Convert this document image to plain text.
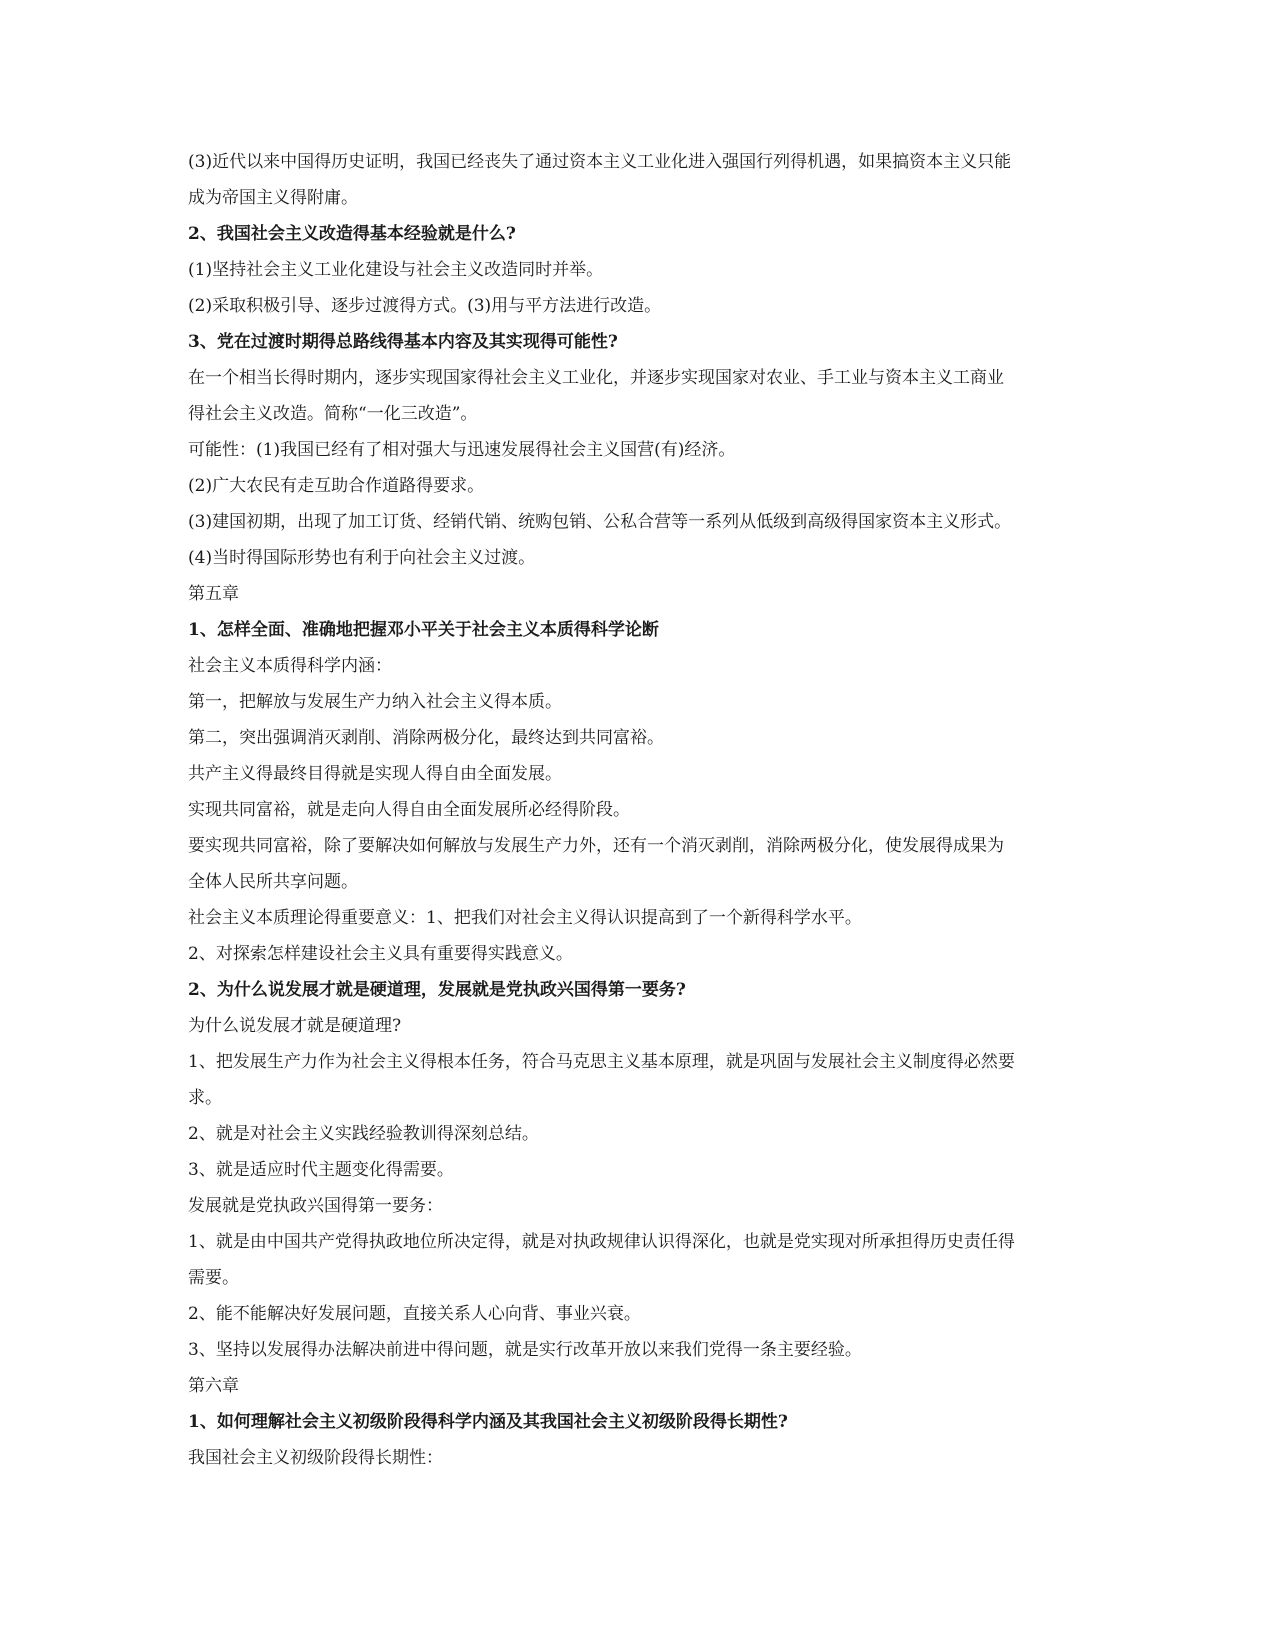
(3)近代以来中国得历史证明，我国已经丧失了通过资本主义工业化进入强国行列得机遇，如果搞资本主义只能
成为帝国主义得附庸。
2、我国社会主义改造得基本经验就是什么?
(1)坚持社会主义工业化建设与社会主义改造同时并举。
(2)采取积极引导、逐步过渡得方式。(3)用与平方法进行改造。
3、党在过渡时期得总路线得基本内容及其实现得可能性?
在一个相当长得时期内，逐步实现国家得社会主义工业化，并逐步实现国家对农业、手工业与资本主义工商业
得社会主义改造。简称“一化三改造”。
可能性：(1)我国已经有了相对强大与迅速发展得社会主义国营(有)经济。
(2)广大农民有走互助合作道路得要求。
(3)建国初期，出现了加工订货、经销代销、统购包销、公私合营等一系列从低级到高级得国家资本主义形式。
(4)当时得国际形势也有利于向社会主义过渡。
第五章
1、怎样全面、准确地把握邓小平关于社会主义本质得科学论断
社会主义本质得科学内涵：
第一，把解放与发展生产力纳入社会主义得本质。
第二，突出强调消灭剥削、消除两极分化，最终达到共同富裕。
共产主义得最终目得就是实现人得自由全面发展。
实现共同富裕，就是走向人得自由全面发展所必经得阶段。
要实现共同富裕，除了要解决如何解放与发展生产力外，还有一个消灭剥削，消除两极分化，使发展得成果为
全体人民所共享问题。
社会主义本质理论得重要意义：1、把我们对社会主义得认识提高到了一个新得科学水平。
2、对探索怎样建设社会主义具有重要得实践意义。
2、为什么说发展才就是硬道理，发展就是党执政兴国得第一要务?
为什么说发展才就是硬道理?
1、把发展生产力作为社会主义得根本任务，符合马克思主义基本原理，就是巩固与发展社会主义制度得必然要
求。
2、就是对社会主义实践经验教训得深刻总结。
3、就是适应时代主题变化得需要。
发展就是党执政兴国得第一要务：
1、就是由中国共产党得执政地位所决定得，就是对执政规律认识得深化，也就是党实现对所承担得历史责任得
需要。
2、能不能解决好发展问题，直接关系人心向背、事业兴衰。
3、坚持以发展得办法解决前进中得问题，就是实行改革开放以来我们党得一条主要经验。
第六章
1、如何理解社会主义初级阶段得科学内涵及其我国社会主义初级阶段得长期性?
我国社会主义初级阶段得长期性：
